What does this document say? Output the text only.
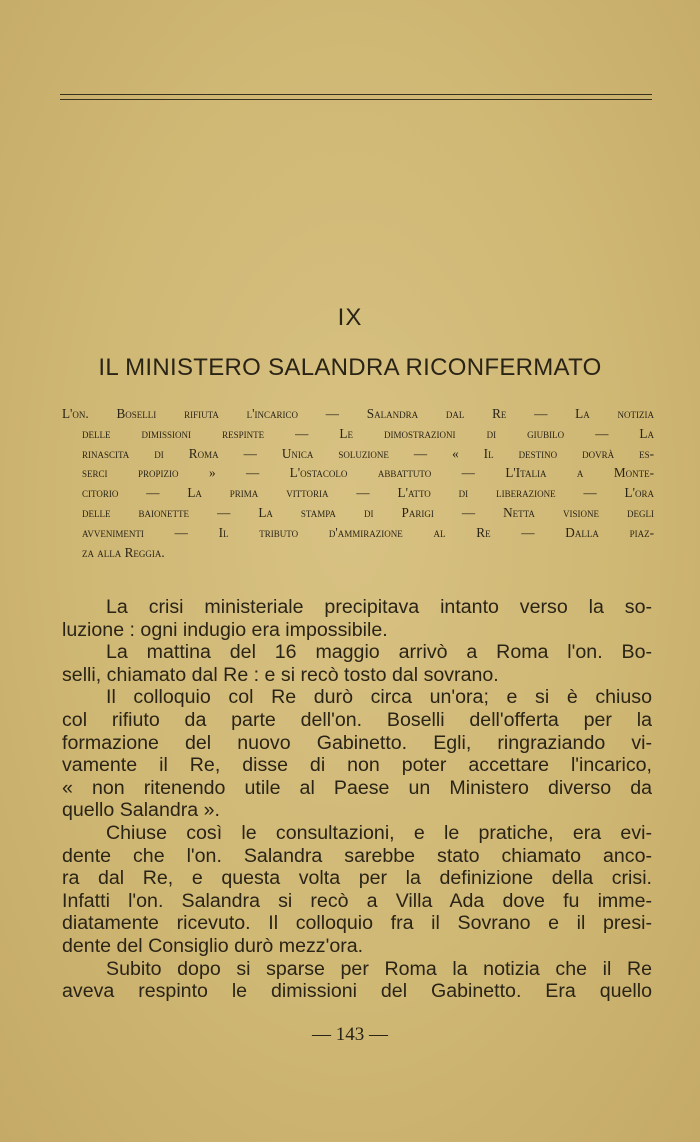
IX
IL MINISTERO SALANDRA RICONFERMATO
L'on. Boselli rifiuta l'incarico — Salandra dal Re — La notizia
delle dimissioni respinte — Le dimostrazioni di giubilo — La
rinascita di Roma — Unica soluzione — « Il destino dovrà es-
serci propizio » — L'ostacolo abbattuto — L'Italia a Monte-
citorio — La prima vittoria — L'atto di liberazione — L'ora
delle baionette — La stampa di Parigi — Netta visione degli
avvenimenti — Il tributo d'ammirazione al Re — Dalla piaz-
za alla Reggia.
La crisi ministeriale precipitava intanto verso la so-
luzione : ogni indugio era impossibile.
La mattina del 16 maggio arrivò a Roma l'on. Bo-
selli, chiamato dal Re : e si recò tosto dal sovrano.
Il colloquio col Re durò circa un'ora; e si è chiuso
col rifiuto da parte dell'on. Boselli dell'offerta per la
formazione del nuovo Gabinetto. Egli, ringraziando vi-
vamente il Re, disse di non poter accettare l'incarico,
« non ritenendo utile al Paese un Ministero diverso da
quello Salandra ».
Chiuse così le consultazioni, e le pratiche, era evi-
dente che l'on. Salandra sarebbe stato chiamato anco-
ra dal Re, e questa volta per la definizione della crisi.
Infatti l'on. Salandra si recò a Villa Ada dove fu imme-
diatamente ricevuto. Il colloquio fra il Sovrano e il presi-
dente del Consiglio durò mezz'ora.
Subito dopo si sparse per Roma la notizia che il Re
aveva respinto le dimissioni del Gabinetto. Era quello
— 143 —
